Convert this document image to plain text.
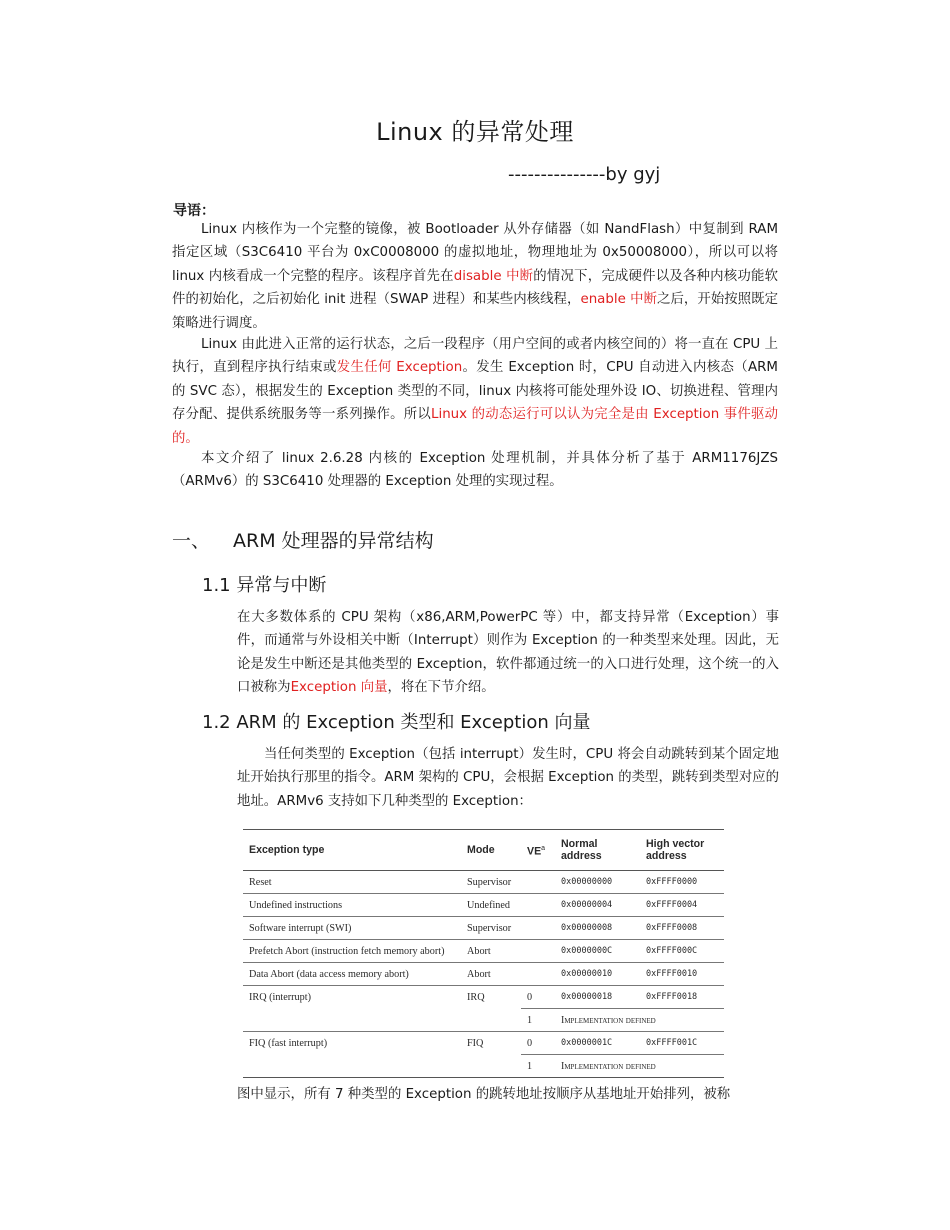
Linux 的异常处理
---------------by gyj
导语：
Linux 内核作为一个完整的镜像，被 Bootloader 从外存储器（如 NandFlash）中复制到 RAM 指定区域（S3C6410 平台为 0xC0008000 的虚拟地址，物理地址为 0x50008000），所以可以将 linux 内核看成一个完整的程序。该程序首先在disable 中断的情况下，完成硬件以及各种内核功能软件的初始化，之后初始化 init 进程（SWAP 进程）和某些内核线程，enable 中断之后，开始按照既定策略进行调度。
Linux 由此进入正常的运行状态，之后一段程序（用户空间的或者内核空间的）将一直在 CPU 上执行，直到程序执行结束或发生任何 Exception。发生 Exception 时，CPU 自动进入内核态（ARM 的 SVC 态），根据发生的 Exception 类型的不同，linux 内核将可能处理外设 IO、切换进程、管理内存分配、提供系统服务等一系列操作。所以Linux 的动态运行可以认为完全是由 Exception 事件驱动的。
本文介绍了 linux 2.6.28 内核的 Exception 处理机制，并具体分析了基于 ARM1176JZS（ARMv6）的 S3C6410 处理器的 Exception 处理的实现过程。
一、 ARM 处理器的异常结构
1.1 异常与中断
在大多数体系的 CPU 架构（x86,ARM,PowerPC 等）中，都支持异常（Exception）事件，而通常与外设相关中断（Interrupt）则作为 Exception 的一种类型来处理。因此，无论是发生中断还是其他类型的 Exception，软件都通过统一的入口进行处理，这个统一的入口被称为Exception 向量，将在下节介绍。
1.2 ARM 的 Exception 类型和 Exception 向量
当任何类型的 Exception（包括 interrupt）发生时，CPU 将会自动跳转到某个固定地址开始执行那里的指令。ARM 架构的 CPU，会根据 Exception 的类型，跳转到类型对应的地址。ARMv6 支持如下几种类型的 Exception：
Exception type	Mode	$VE^a$	Normal address	High vector address
Reset	Supervisor		0x00000000	0xFFFF0000
Undefined instructions	Undefined		0x00000004	0xFFFF0004
Software interrupt (SWI)	Supervisor		0x00000008	0xFFFF0008
Prefetch Abort (instruction fetch memory abort)	Abort		0x0000000C	0xFFFF000C
Data Abort (data access memory abort)	Abort		0x00000010	0xFFFF0010
IRQ (interrupt)	IRQ	0	0x00000018	0xFFFF0018
		1	Implementation defined	
FIQ (fast interrupt)	FIQ	0	0x0000001C	0xFFFF001C
		1	Implementation defined	
图中显示，所有 7 种类型的 Exception 的跳转地址按顺序从基地址开始排列，被称
